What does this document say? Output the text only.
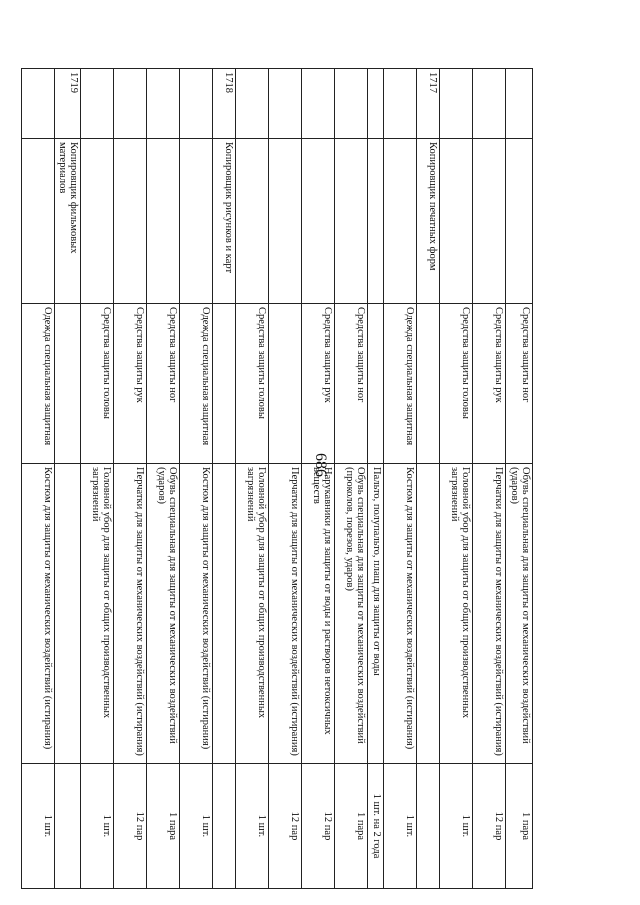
686
		Средства защиты ног	Обувь специальная для защиты от механических воздействий (ударов)	1 пара
		Средства защиты рук	Перчатки для защиты от механических воздействий (истирания)	12 пар
		Средства защиты головы	Головной убор для защиты от общих производственных загрязнений	1 шт.
1717	Копировщик печатных форм			
		Одежда специальная защитная	Костюм для защиты от механических воздействий (истирания)	1 шт.
			Пальто, полупальто, плащ для защиты от воды	1 шт. на 2 года
		Средства защиты ног	Обувь специальная для защиты от механических воздействий (проколов, порезов, ударов)	1 пара
		Средства защиты рук	Нарукавники для защиты от воды и растворов нетоксичных веществ	12 пар
			Перчатки для защиты от механических воздействий (истирания)	12 пар
		Средства защиты головы	Головной убор для защиты от общих производственных загрязнений	1 шт.
1718	Копировщик рисунков и карт			
		Одежда специальная защитная	Костюм для защиты от механических воздействий (истирания)	1 шт.
		Средства защиты ног	Обувь специальная для защиты от механических воздействий (ударов)	1 пара
		Средства защиты рук	Перчатки для защиты от механических воздействий (истирания)	12 пар
		Средства защиты головы	Головной убор для защиты от общих производственных загрязнений	1 шт.
1719	Копировщик фильмовых материалов			
		Одежда специальная защитная	Костюм для защиты от механических воздействий (истирания)	1 шт.
